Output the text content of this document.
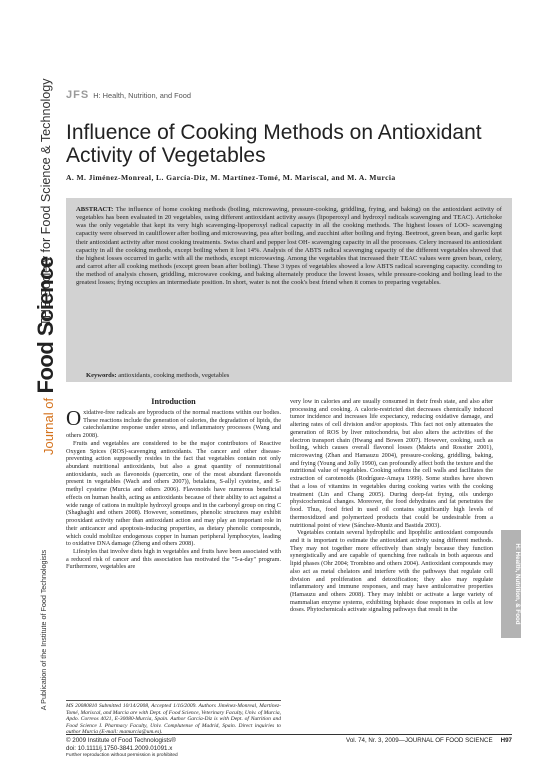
THE Society for Food Science & Technology
Journal of Food Science
A Publication of the Institute of Food Technologists
JFS H: Health, Nutrition, and Food
Influence of Cooking Methods on Antioxidant Activity of Vegetables
A. M. Jiménez-Monreal, L. García-Diz, M. Martínez-Tomé, M. Mariscal, and M. A. Murcia
ABSTRACT: The influence of home cooking methods (boiling, microwaving, pressure-cooking, griddling, frying, and baking) on the antioxidant activity of vegetables has been evaluated in 20 vegetables, using different antioxidant activity assays (lipoperoxyl and hydroxyl radicals scavenging and TEAC). Artichoke was the only vegetable that kept its very high scavenging-lipoperoxyl radical capacity in all the cooking methods. The highest losses of LOO- scavenging capacity were observed in cauliflower after boiling and microwaving, pea after boiling, and zucchini after boiling and frying. Beetroot, green bean, and garlic kept their antioxidant activity after most cooking treatments. Swiss chard and pepper lost OH- scavenging capacity in all the processes. Celery increased its antioxidant capacity in all the cooking methods, except boiling when it lost 14%. Analysis of the ABTS radical scavenging capacity of the different vegetables showed that the highest losses occurred in garlic with all the methods, except microwaving. Among the vegetables that increased their TEAC values were green bean, celery, and carrot after all cooking methods (except green bean after boiling). These 3 types of vegetables showed a low ABTS radical scavenging capacity. cconding to the method of analysis chosen, griddling, microwave cooking, and baking alternately produce the lowest losses, while pressure-cooking and boiling lead to the greatest losses; frying occupies an intermediate position. In short, water is not the cook's best friend when it comes to preparing vegetables.
Keywords: antioxidants, cooking methods, vegetables
Introduction

Oxidative-free radicals are byproducts of the normal reactions within our bodies. These reactions include the generation of calories, the degradation of lipids, the catecholamine response under stress, and inflammatory processes (Wang and others 2008).

Fruits and vegetables are considered to be the major contributors of Reactive Oxygen Spices (ROS)-scavenging antioxidants. The cancer and other disease-preventing action supposedly resides in the fact that vegetables contain not only abundant nutritional antioxidants, but also a great quantity of nonnutritional antioxidants, such as flavonoids (quercetin, one of the most abundant flavonoids present in vegetables (Wach and others 2007)), betalains, S-allyl cysteine, and S-methyl cysteine (Murcia and others 2006). Flavonoids have numerous beneficial effects on human health, acting as antioxidants because of their ability to act against a wide range of cations in multiple hydroxyl groups and in the carbonyl group on ring C (Shaghaghi and others 2008). However, sometimes, phenolic structures may exhibit prooxidant activity rather than antioxidant action and may play an important role in their anticancer and apoptosis-inducing properties, as dietary phenolic compounds, which could mobilize endogenous copper in human peripheral lymphocytes, leading to oxidative DNA damage (Zheng and others 2008).

Lifestyles that involve diets high in vegetables and fruits have been associated with a reduced risk of cancer and this association has motivated the "5-a-day" program. Furthermore, vegetables are

MS 20080810 Submitted 10/14/2008, Accepted 1/16/2009. Authors Jiménez-Monreal, Martínez-Tomé, Mariscal, and Murcia are with Dept. of Food Science, Veterinary Faculty, Univ. of Murcia, Apdo. Correos 4021, E-30080-Murcia, Spain. Author García-Diz is with Dept. of Nutrition and Food Science I. Pharmacy Faculty, Univ. Complutense of Madrid, Spain. Direct inquiries to author Murcia (E-mail: mamurcia@um.es).

very low in calories and are usually consumed in their fresh state, and also after processing and cooking. A calorie-restricted diet decreases chemically induced tumor incidence and increases life expectancy, reducing oxidative damage, and altering rates of cell division and/or apoptosis. This fact not only attenuates the generation of ROS by liver mitochondria, but also alters the activities of the electron transport chain (Hwang and Bowen 2007). However, cooking, such as boiling, which causes overall flavonol losses (Makris and Rossiter 2001), microwaving (Zhan and Hamauzu 2004), pressure-cooking, griddling, baking, and frying (Young and Jolly 1990), can profoundly affect both the texture and the nutritional value of vegetables. Cooking softens the cell walls and facilitates the extraction of carotenoids (Rodríguez-Amaya 1999). Some studies have shown that a loss of vitamins in vegetables during cooking varies with the cooking treatment (Lin and Chang 2005). During deep-fat frying, oils undergo physicochemical changes. Moreover, the food dehydrates and fat penetrates the food. Thus, food fried in used oil contains significantly high levels of thermoxidized and polymerized products that could be undesirable from a nutritional point of view (Sánchez-Muniz and Bastida 2003).

Vegetables contain several hydrophilic and lipophilic antioxidant compounds and it is important to estimate the antioxidant activity using different methods. They may not together more effectively than singly because they function synergistically and are capable of quenching free radicals in both aqueous and lipid phases (Ohr 2004; Trombino and others 2004). Antioxidant compounds may also act as metal chelators and interfere with the pathways that regulate cell division and proliferation and detoxification; they also may regulate inflammatory and immune responses, and may have antiulcerative properties (Hamauzu and others 2008). They may inhibit or activate a large variety of mammalian enzyme systems, exhibiting biphasic dose responses in cells at low doses. Phytochemicals activate signaling pathways that result in the	H: Health, Nutrition, & Food
© 2009 Institute of Food Technologists®
doi: 10.1111/j.1750-3841.2009.01091.x
Further reproduction without permission is prohibited
Vol. 74, Nr. 3, 2009—JOURNAL OF FOOD SCIENCE H97
